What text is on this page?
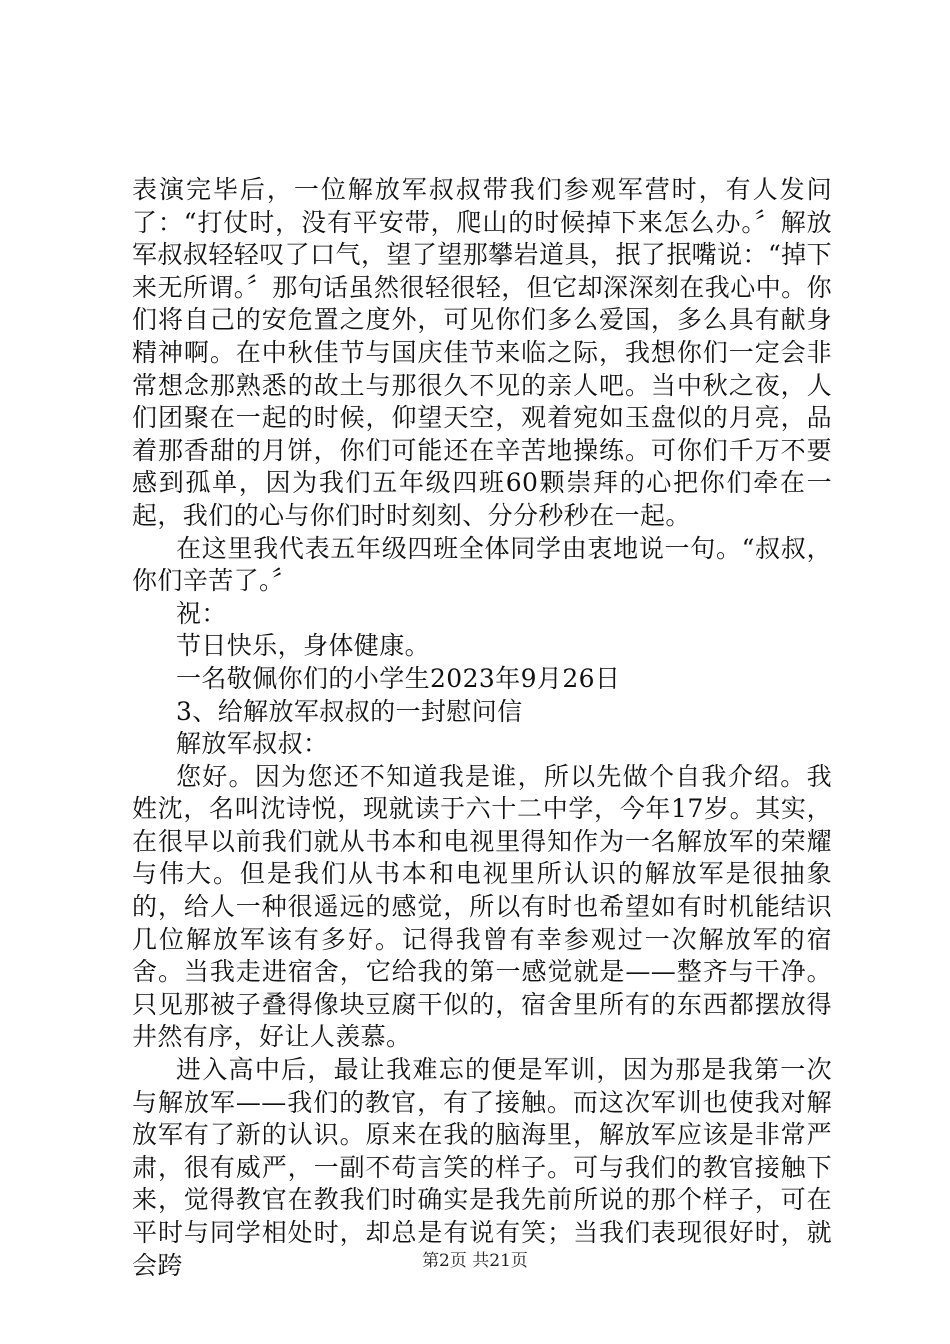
表演完毕后，一位解放军叔叔带我们参观军营时，有人发问了：“打仗时，没有平安带，爬山的时候掉下来怎么办。〞解放军叔叔轻轻叹了口气，望了望那攀岩道具，抿了抿嘴说：“掉下来无所谓。〞那句话虽然很轻很轻，但它却深深刻在我心中。你们将自己的安危置之度外，可见你们多么爱国，多么具有献身精神啊。在中秋佳节与国庆佳节来临之际，我想你们一定会非常想念那熟悉的故土与那很久不见的亲人吧。当中秋之夜，人们团聚在一起的时候，仰望天空，观着宛如玉盘似的月亮，品着那香甜的月饼，你们可能还在辛苦地操练。可你们千万不要感到孤单，因为我们五年级四班60颗崇拜的心把你们牵在一起，我们的心与你们时时刻刻、分分秒秒在一起。

在这里我代表五年级四班全体同学由衷地说一句。“叔叔，你们辛苦了。〞

祝：

节日快乐，身体健康。

一名敬佩你们的小学生2023年9月26日

3、给解放军叔叔的一封慰问信

解放军叔叔：

您好。因为您还不知道我是谁，所以先做个自我介绍。我姓沈，名叫沈诗悦，现就读于六十二中学，今年17岁。其实，在很早以前我们就从书本和电视里得知作为一名解放军的荣耀与伟大。但是我们从书本和电视里所认识的解放军是很抽象的，给人一种很遥远的感觉，所以有时也希望如有时机能结识几位解放军该有多好。记得我曾有幸参观过一次解放军的宿舍。当我走进宿舍，它给我的第一感觉就是——整齐与干净。只见那被子叠得像块豆腐干似的，宿舍里所有的东西都摆放得井然有序，好让人羡慕。

进入高中后，最让我难忘的便是军训，因为那是我第一次与解放军——我们的教官，有了接触。而这次军训也使我对解放军有了新的认识。原来在我的脑海里，解放军应该是非常严肃，很有威严，一副不苟言笑的样子。可与我们的教官接触下来，觉得教官在教我们时确实是我先前所说的那个样子，可在平时与同学相处时，却总是有说有笑；当我们表现很好时，就会跨	第2页 共21页
